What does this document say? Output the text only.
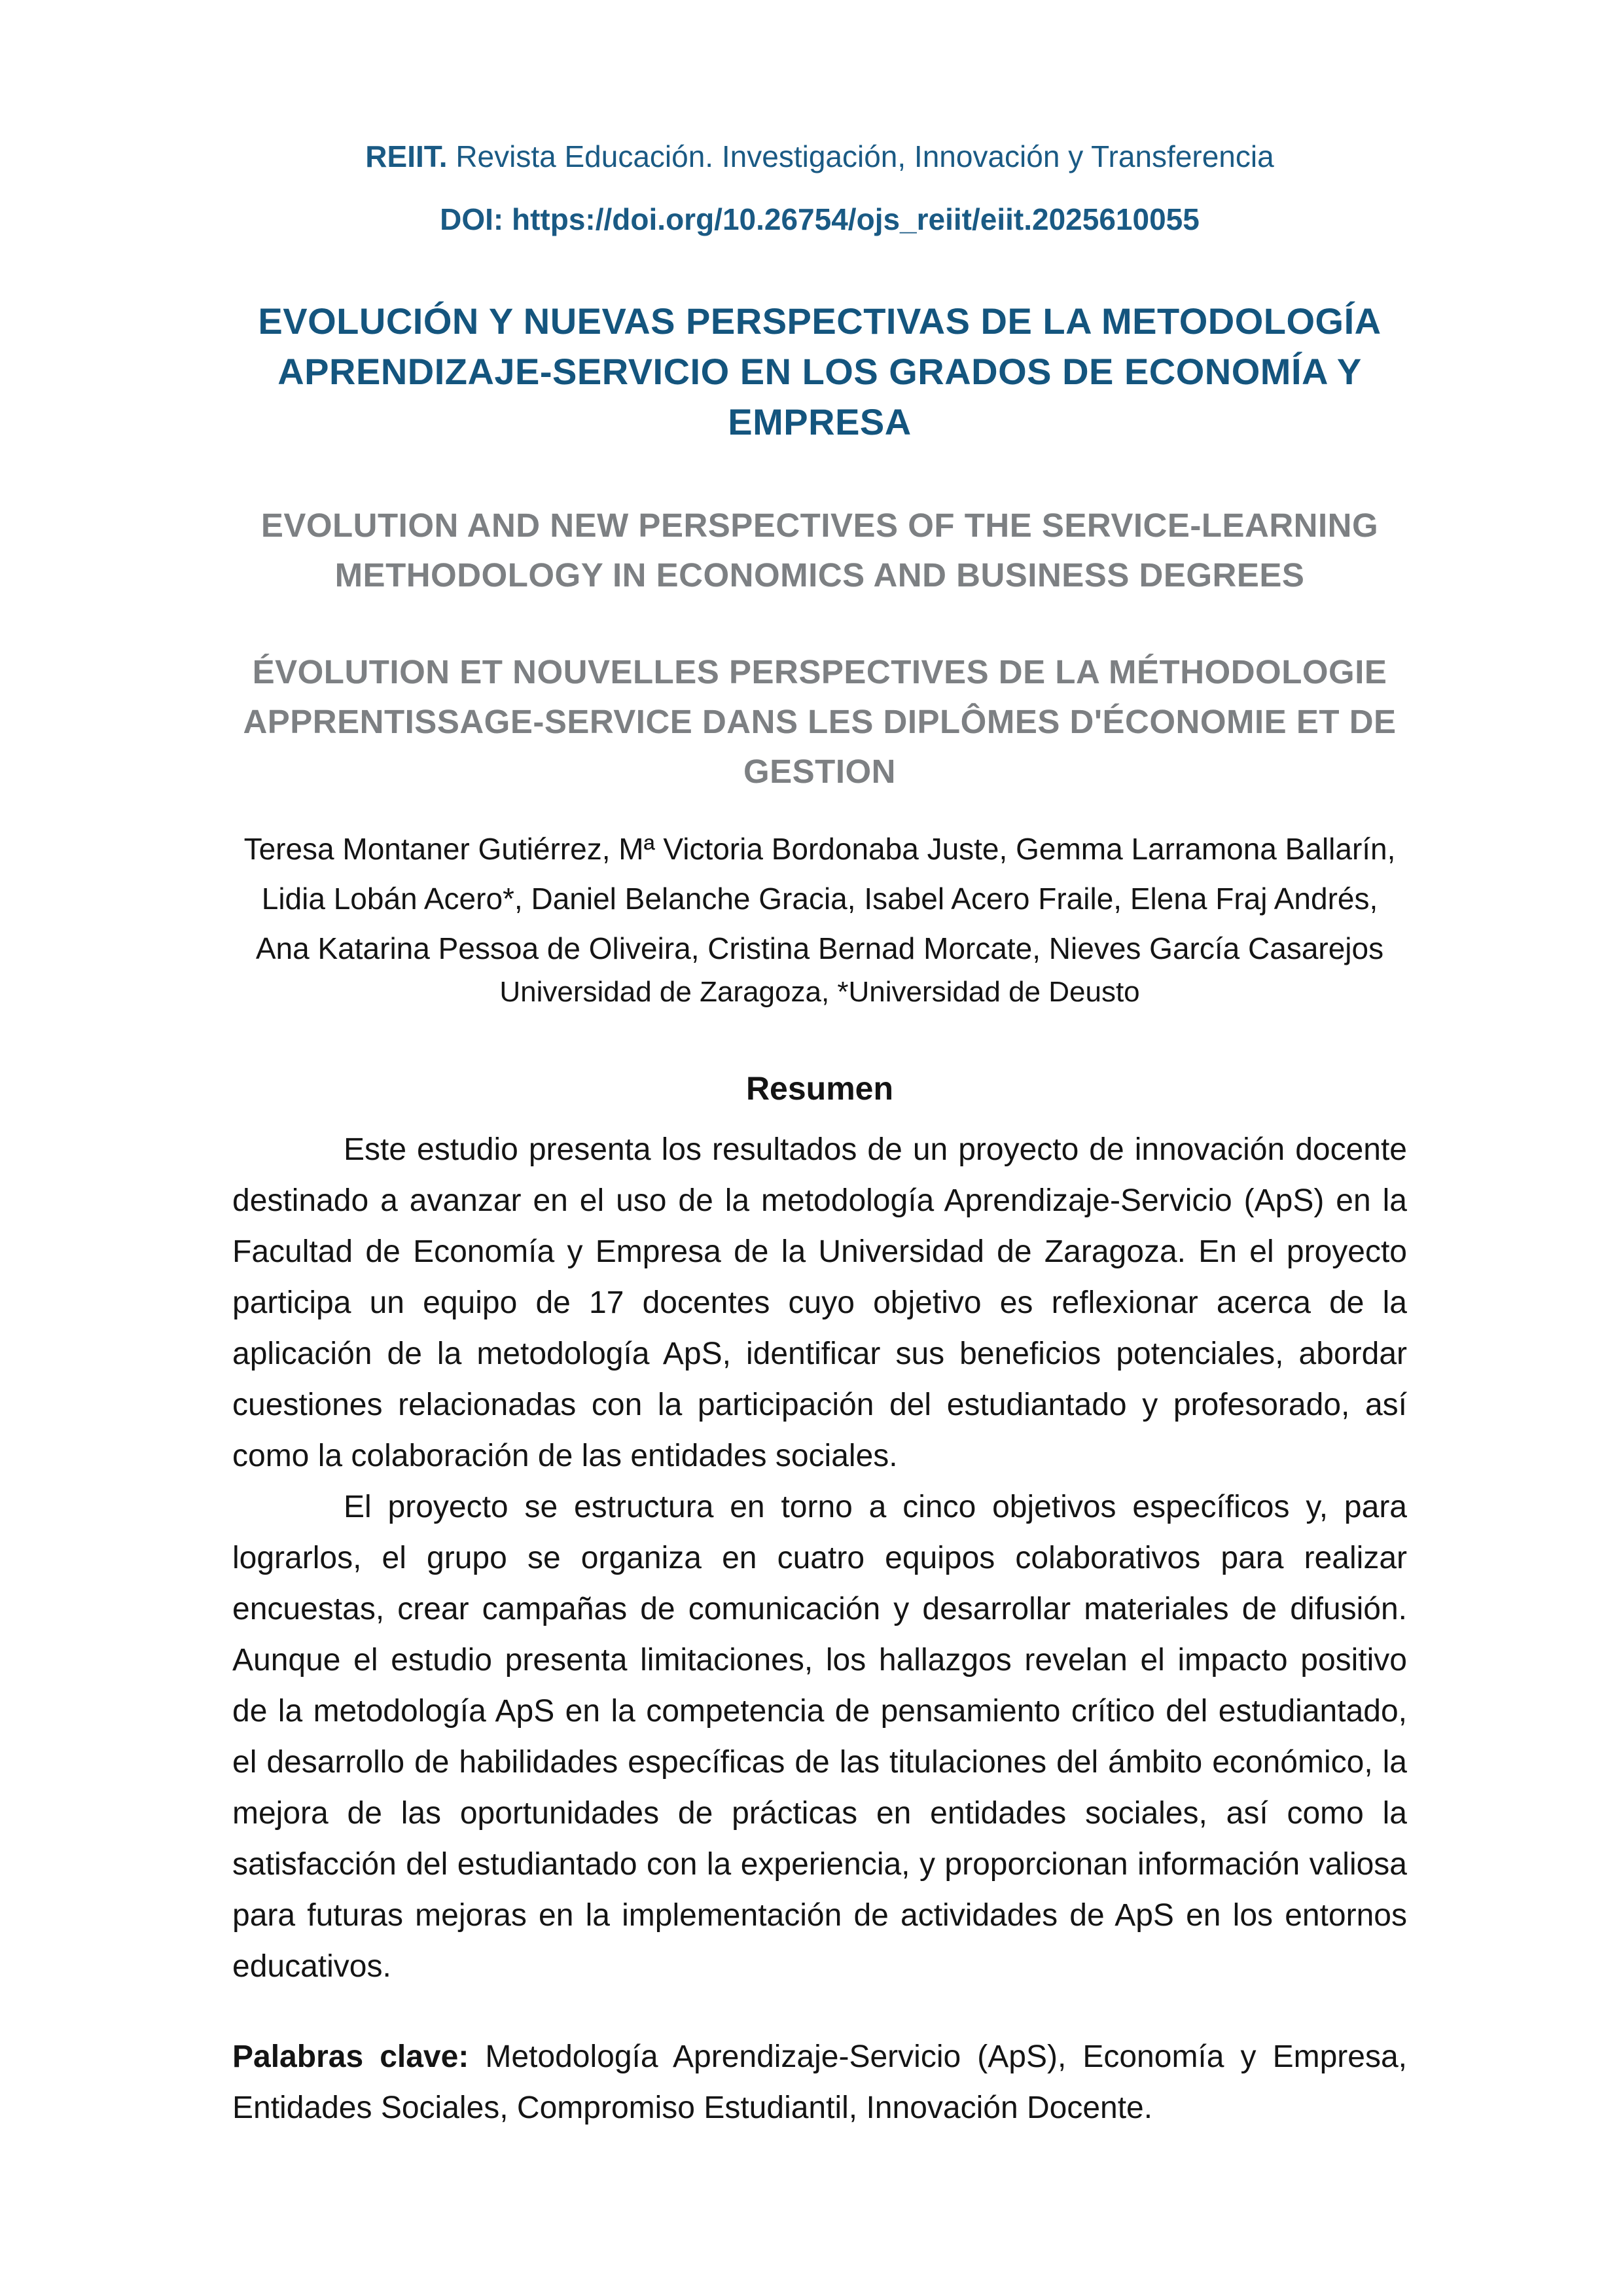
REIIT. Revista Educación. Investigación, Innovación y Transferencia

DOI: https://doi.org/10.26754/ojs_reiit/eiit.2025610055

EVOLUCIÓN Y NUEVAS PERSPECTIVAS DE LA METODOLOGÍA APRENDIZAJE-SERVICIO EN LOS GRADOS DE ECONOMÍA Y EMPRESA
EVOLUTION AND NEW PERSPECTIVES OF THE SERVICE-LEARNING METHODOLOGY IN ECONOMICS AND BUSINESS DEGREES
ÉVOLUTION ET NOUVELLES PERSPECTIVES DE LA MÉTHODOLOGIE APPRENTISSAGE-SERVICE DANS LES DIPLÔMES D'ÉCONOMIE ET DE GESTION

Teresa Montaner Gutiérrez, Mª Victoria Bordonaba Juste, Gemma Larramona Ballarín, Lidia Lobán Acero*, Daniel Belanche Gracia, Isabel Acero Fraile, Elena Fraj Andrés, Ana Katarina Pessoa de Oliveira, Cristina Bernad Morcate, Nieves García Casarejos

Universidad de Zaragoza, *Universidad de Deusto

Resumen

Este estudio presenta los resultados de un proyecto de innovación docente destinado a avanzar en el uso de la metodología Aprendizaje-Servicio (ApS) en la Facultad de Economía y Empresa de la Universidad de Zaragoza. En el proyecto participa un equipo de 17 docentes cuyo objetivo es reflexionar acerca de la aplicación de la metodología ApS, identificar sus beneficios potenciales, abordar cuestiones relacionadas con la participación del estudiantado y profesorado, así como la colaboración de las entidades sociales.

El proyecto se estructura en torno a cinco objetivos específicos y, para lograrlos, el grupo se organiza en cuatro equipos colaborativos para realizar encuestas, crear campañas de comunicación y desarrollar materiales de difusión. Aunque el estudio presenta limitaciones, los hallazgos revelan el impacto positivo de la metodología ApS en la competencia de pensamiento crítico del estudiantado, el desarrollo de habilidades específicas de las titulaciones del ámbito económico, la mejora de las oportunidades de prácticas en entidades sociales, así como la satisfacción del estudiantado con la experiencia, y proporcionan información valiosa para futuras mejoras en la implementación de actividades de ApS en los entornos educativos.

Palabras clave: Metodología Aprendizaje-Servicio (ApS), Economía y Empresa, Entidades Sociales, Compromiso Estudiantil, Innovación Docente.
